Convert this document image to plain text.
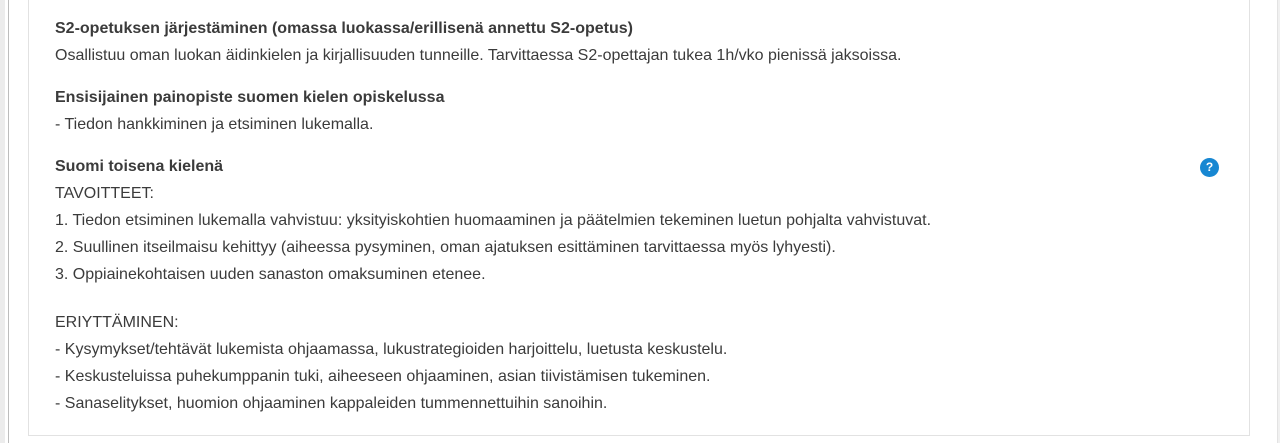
S2-opetuksen järjestäminen (omassa luokassa/erillisenä annettu S2-opetus)

Osallistuu oman luokan äidinkielen ja kirjallisuuden tunneille. Tarvittaessa S2-opettajan tukea 1h/vko pienissä jaksoissa.

Ensisijainen painopiste suomen kielen opiskelussa

- Tiedon hankkiminen ja etsiminen lukemalla.

Suomi toisena kielenä

TAVOITTEET:

1. Tiedon etsiminen lukemalla vahvistuu: yksityiskohtien huomaaminen ja päätelmien tekeminen luetun pohjalta vahvistuvat.

2. Suullinen itseilmaisu kehittyy (aiheessa pysyminen, oman ajatuksen esittäminen tarvittaessa myös lyhyesti).

3. Oppiainekohtaisen uuden sanaston omaksuminen etenee.

ERIYTTÄMINEN:

- Kysymykset/tehtävät lukemista ohjaamassa, lukustrategioiden harjoittelu, luetusta keskustelu.

- Keskusteluissa puhekumppanin tuki, aiheeseen ohjaaminen, asian tiivistämisen tukeminen.

- Sanaselitykset, huomion ohjaaminen kappaleiden tummennettuihin sanoihin.

?
